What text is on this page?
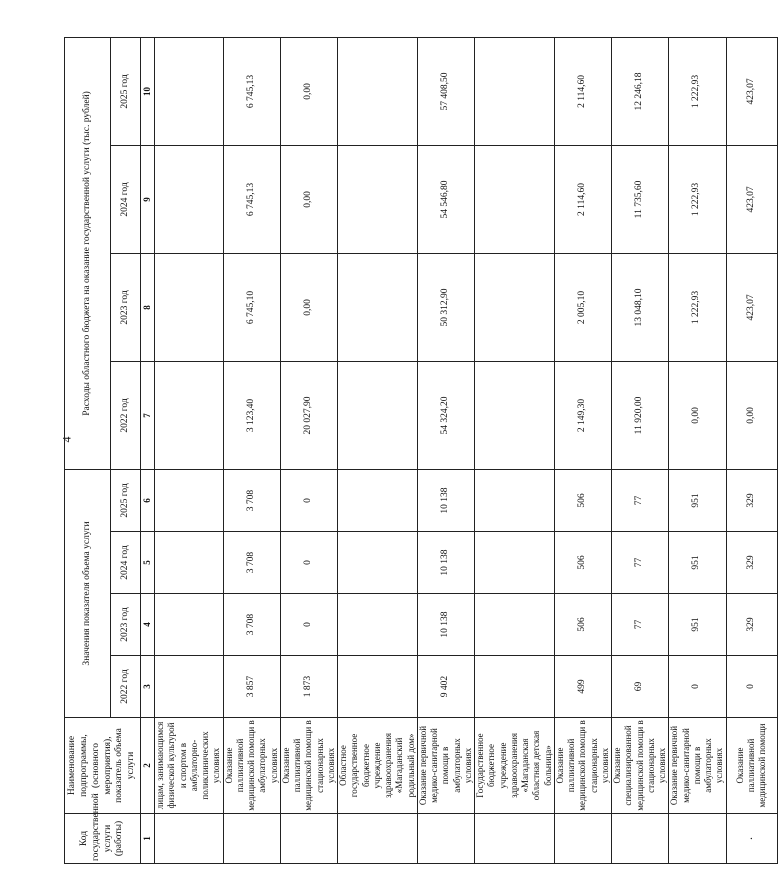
4
Код государственной услуги (работы)	Наименование подпрограммы, (основного мероприятия), показатель объема услуги	Значения показателя объема услуги				Расходы областного бюджета на оказание государственной услуги (тыс. рублей)			
		2022 год	2023 год	2024 год	2025 год	2022 год	2023 год	2024 год	2025 год
1	2	3	4	5	6	7	8	9	10
	лицам, занимающимся физической культурой и спортом в амбулаторно-поликлинических условиях								
	Оказание паллиативной медицинской помощи в амбулаторных условиях	3 857	3 708	3 708	3 708	3 123,40	6 745,10	6 745,13	6 745,13
	Оказание паллиативной медицинской помощи в стационарных условиях	1 873	0	0	0	20 027,90	0,00	0,00	0,00
	Областное государственное бюджетное учреждение здравоохранения «Магаданский родильный дом»								
	Оказание первичной медико-санитарной помощи в амбулаторных условиях	9 402	10 138	10 138	10 138	54 324,20	50 312,90	54 546,80	57 408,50
	Государственное бюджетное учреждение здравоохранения «Магаданская областная детская больница»								
	Оказание паллиативной медицинской помощи в стационарных условиях	499	506	506	506	2 149,30	2 005,10	2 114,60	2 114,60
	Оказание специализированной медицинской помощи в стационарных условиях	69	77	77	77	11 920,00	13 048,10	11 735,60	12 246,18
	Оказание первичной медико-санитарной помощи в амбулаторных условиях	0	951	951	951	0,00	1 222,93	1 222,93	1 222,93
·	Оказание паллиативной медицинской помощи	0	329	329	329	0,00	423,07	423,07	423,07
